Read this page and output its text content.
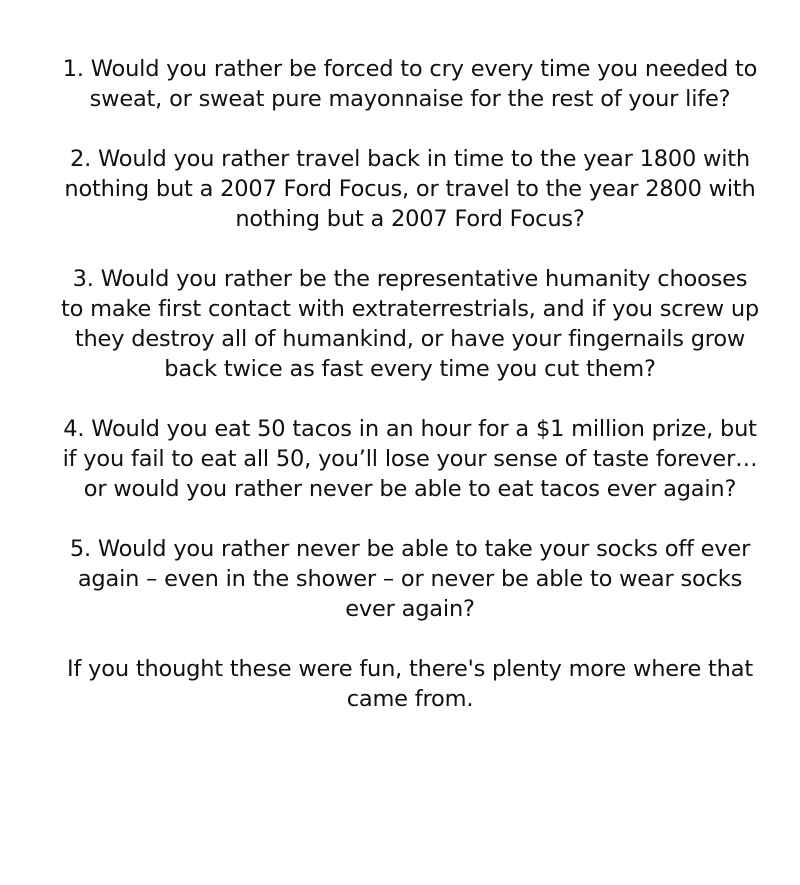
1. Would you rather be forced to cry every time you needed to sweat, or sweat pure mayonnaise for the rest of your life?

2. Would you rather travel back in time to the year 1800 with nothing but a 2007 Ford Focus, or travel to the year 2800 with nothing but a 2007 Ford Focus?

3. Would you rather be the representative humanity chooses to make first contact with extraterrestrials, and if you screw up they destroy all of humankind, or have your fingernails grow back twice as fast every time you cut them?

4. Would you eat 50 tacos in an hour for a $1 million prize, but if you fail to eat all 50, you’ll lose your sense of taste forever… or would you rather never be able to eat tacos ever again?

5. Would you rather never be able to take your socks off ever again – even in the shower – or never be able to wear socks ever again?

If you thought these were fun, there's plenty more where that came from.
